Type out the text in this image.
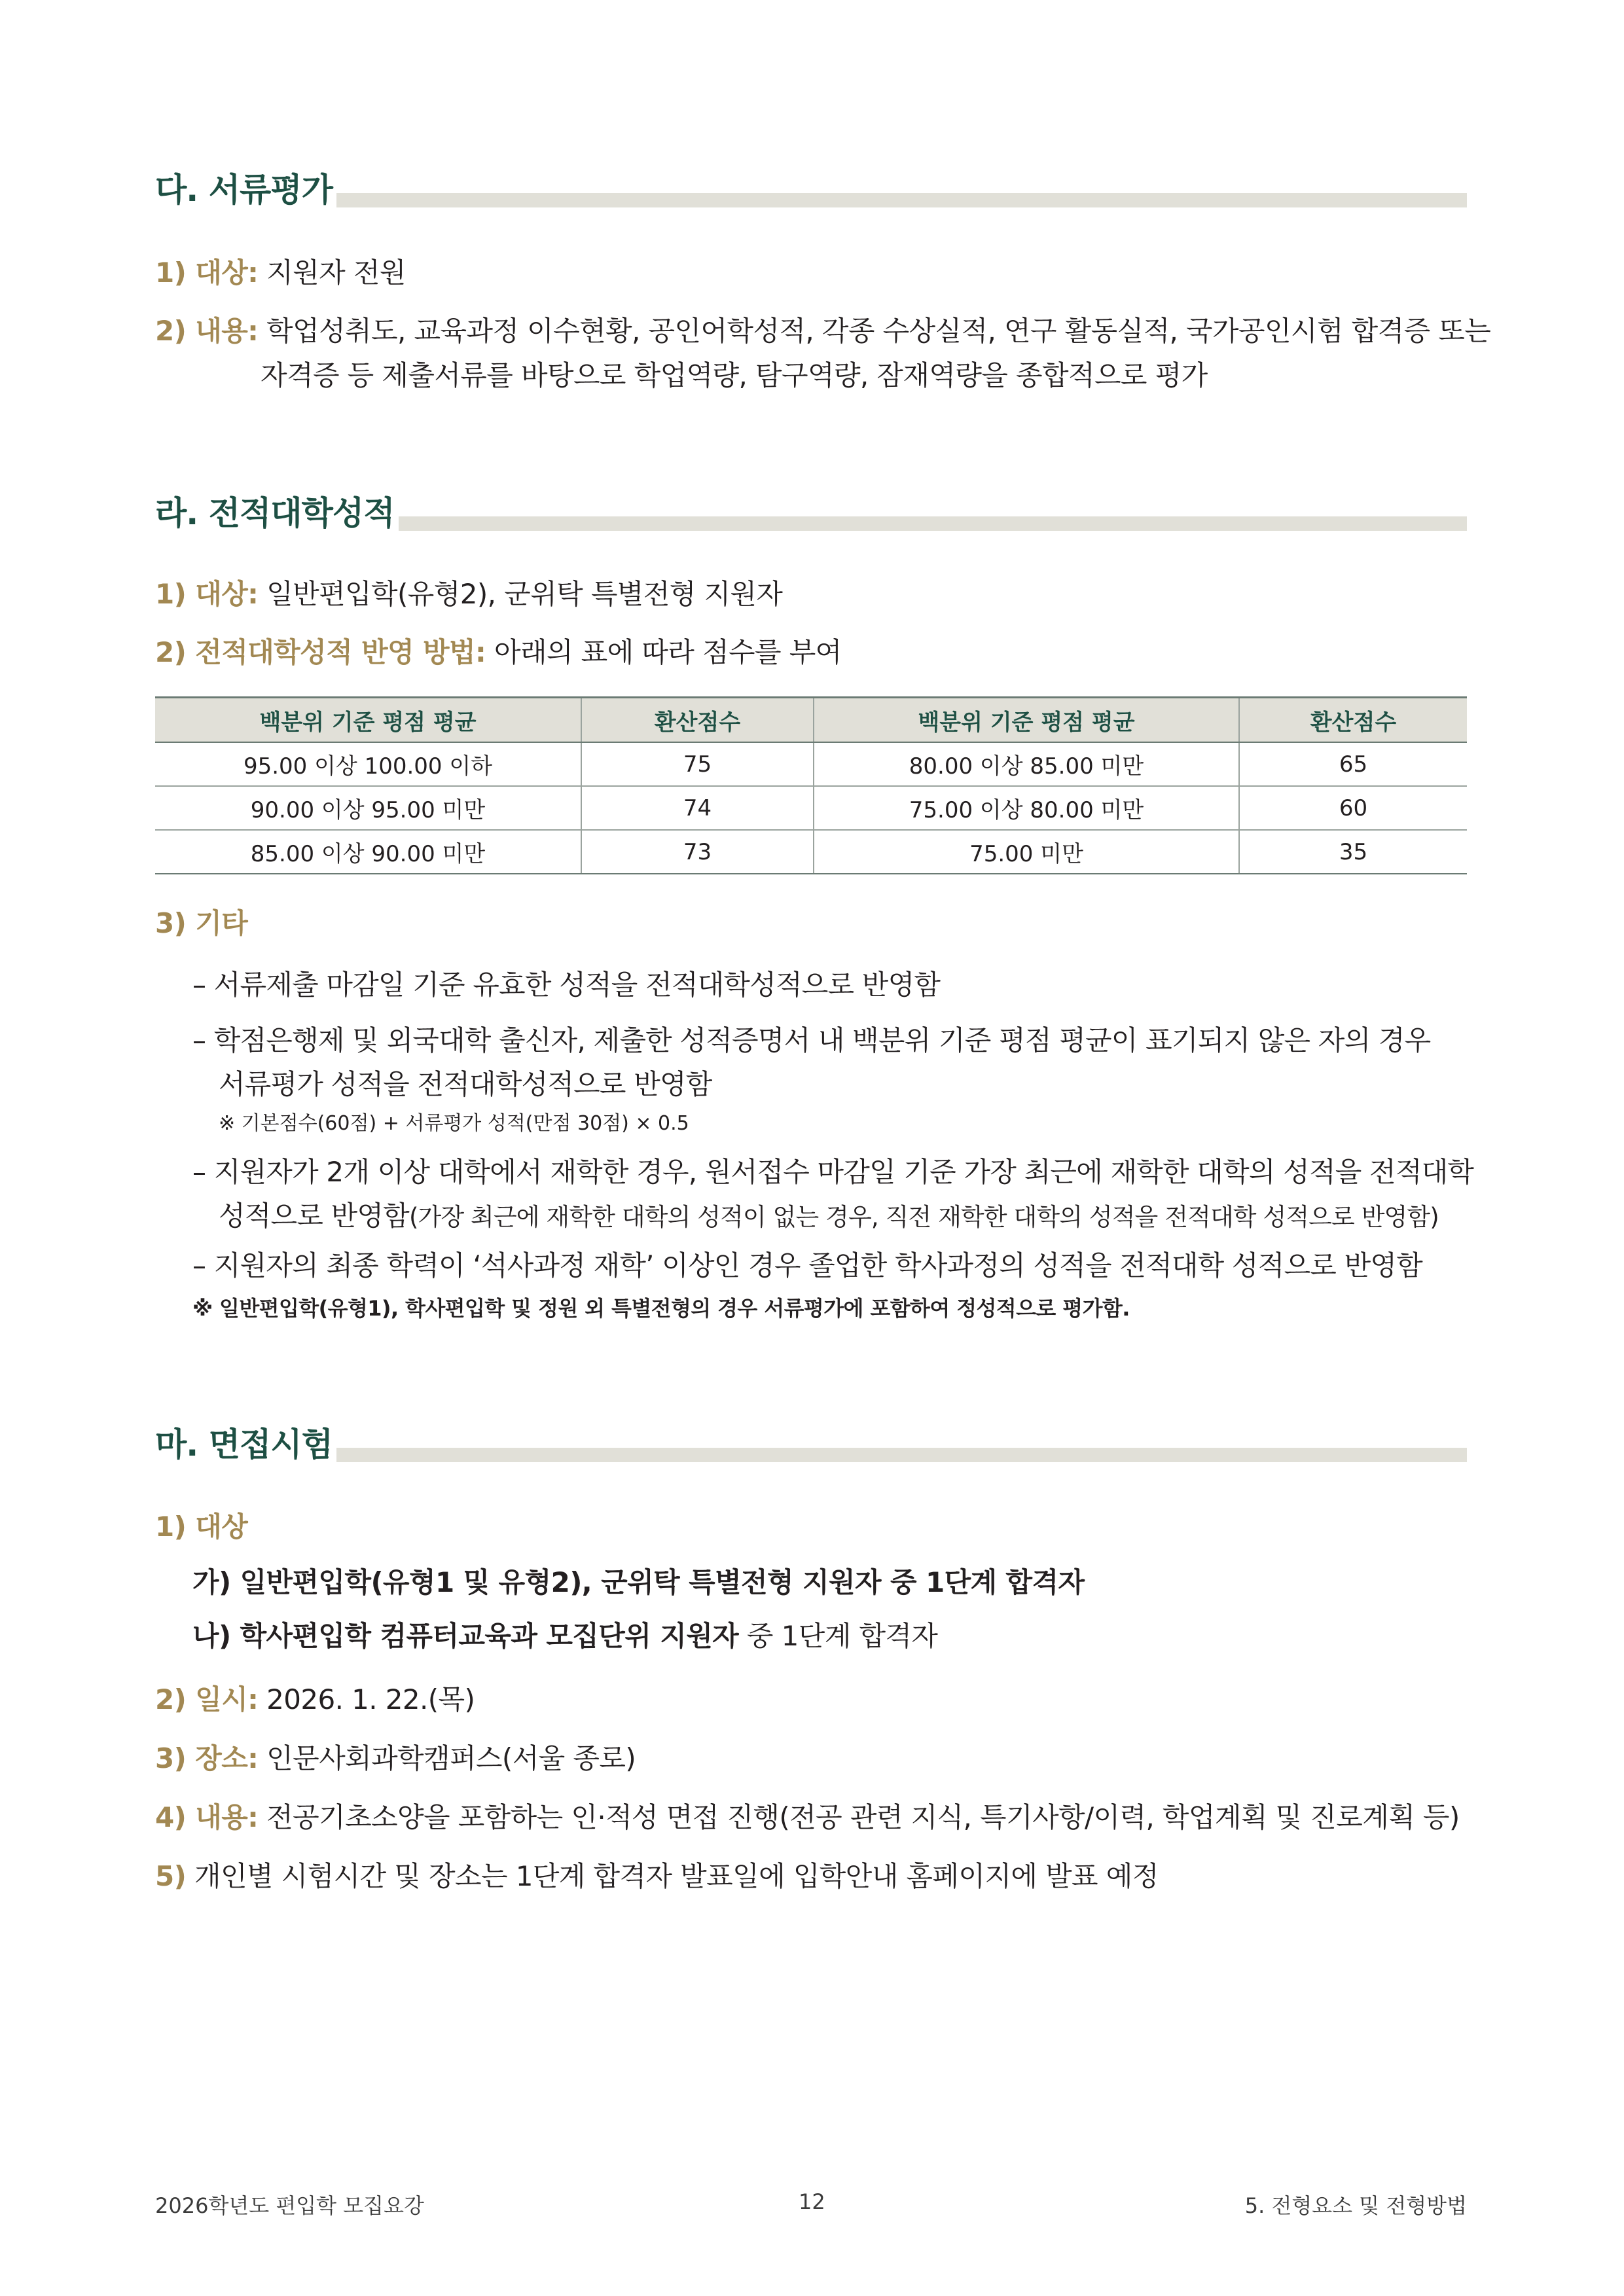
다. 서류평가
1) 대상: 지원자 전원
2) 내용: 학업성취도, 교육과정 이수현황, 공인어학성적, 각종 수상실적, 연구 활동실적, 국가공인시험 합격증 또는
자격증 등 제출서류를 바탕으로 학업역량, 탐구역량, 잠재역량을 종합적으로 평가
라. 전적대학성적
1) 대상: 일반편입학(유형2), 군위탁 특별전형 지원자
2) 전적대학성적 반영 방법: 아래의 표에 따라 점수를 부여
백분위 기준 평점 평균	환산점수	백분위 기준 평점 평균	환산점수
95.00 이상 100.00 이하	75	80.00 이상 85.00 미만	65
90.00 이상 95.00 미만	74	75.00 이상 80.00 미만	60
85.00 이상 90.00 미만	73	75.00 미만	35
3) 기타
– 서류제출 마감일 기준 유효한 성적을 전적대학성적으로 반영함
– 학점은행제 및 외국대학 출신자, 제출한 성적증명서 내 백분위 기준 평점 평균이 표기되지 않은 자의 경우
서류평가 성적을 전적대학성적으로 반영함
※ 기본점수(60점) + 서류평가 성적(만점 30점) × 0.5
– 지원자가 2개 이상 대학에서 재학한 경우, 원서접수 마감일 기준 가장 최근에 재학한 대학의 성적을 전적대학
성적으로 반영함(가장 최근에 재학한 대학의 성적이 없는 경우, 직전 재학한 대학의 성적을 전적대학 성적으로 반영함)
– 지원자의 최종 학력이 ‘석사과정 재학’ 이상인 경우 졸업한 학사과정의 성적을 전적대학 성적으로 반영함
※ 일반편입학(유형1), 학사편입학 및 정원 외 특별전형의 경우 서류평가에 포함하여 정성적으로 평가함.
마. 면접시험
1) 대상
가) 일반편입학(유형1 및 유형2), 군위탁 특별전형 지원자 중 1단계 합격자
나) 학사편입학 컴퓨터교육과 모집단위 지원자 중 1단계 합격자
2) 일시: 2026. 1. 22.(목)
3) 장소: 인문사회과학캠퍼스(서울 종로)
4) 내용: 전공기초소양을 포함하는 인·적성 면접 진행(전공 관련 지식, 특기사항/이력, 학업계획 및 진로계획 등)
5) 개인별 시험시간 및 장소는 1단계 합격자 발표일에 입학안내 홈페이지에 발표 예정
2026학년도 편입학 모집요강	12	5. 전형요소 및 전형방법
